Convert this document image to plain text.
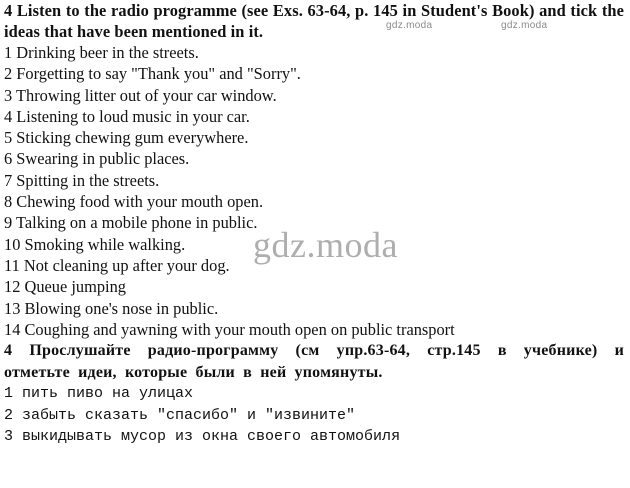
4 Listen to the radio programme (see Exs. 63-64, p. 145 in Student's Book) and tick the ideas that have been mentioned in it.

1 Drinking beer in the streets.

2 Forgetting to say "Thank you" and "Sorry".

3 Throwing litter out of your car window.

4 Listening to loud music in your car.

5 Sticking chewing gum everywhere.

6 Swearing in public places.

7 Spitting in the streets.

8 Chewing food with your mouth open.

9 Talking on a mobile phone in public.

10 Smoking while walking.

11 Not cleaning up after your dog.

12 Queue jumping

13 Blowing one's nose in public.

14 Coughing and yawning with your mouth open on public transport

4 Прослушайте радио-программу (см упр.63-64, стр.145 в учебнике) и отметьте идеи, которые были в ней упомянуты.

1 пить пиво на улицах

2 забыть сказать "спасибо" и "извините"

3 выкидывать мусор из окна своего автомобиля

gdz.moda	gdz.moda
gdz.moda
